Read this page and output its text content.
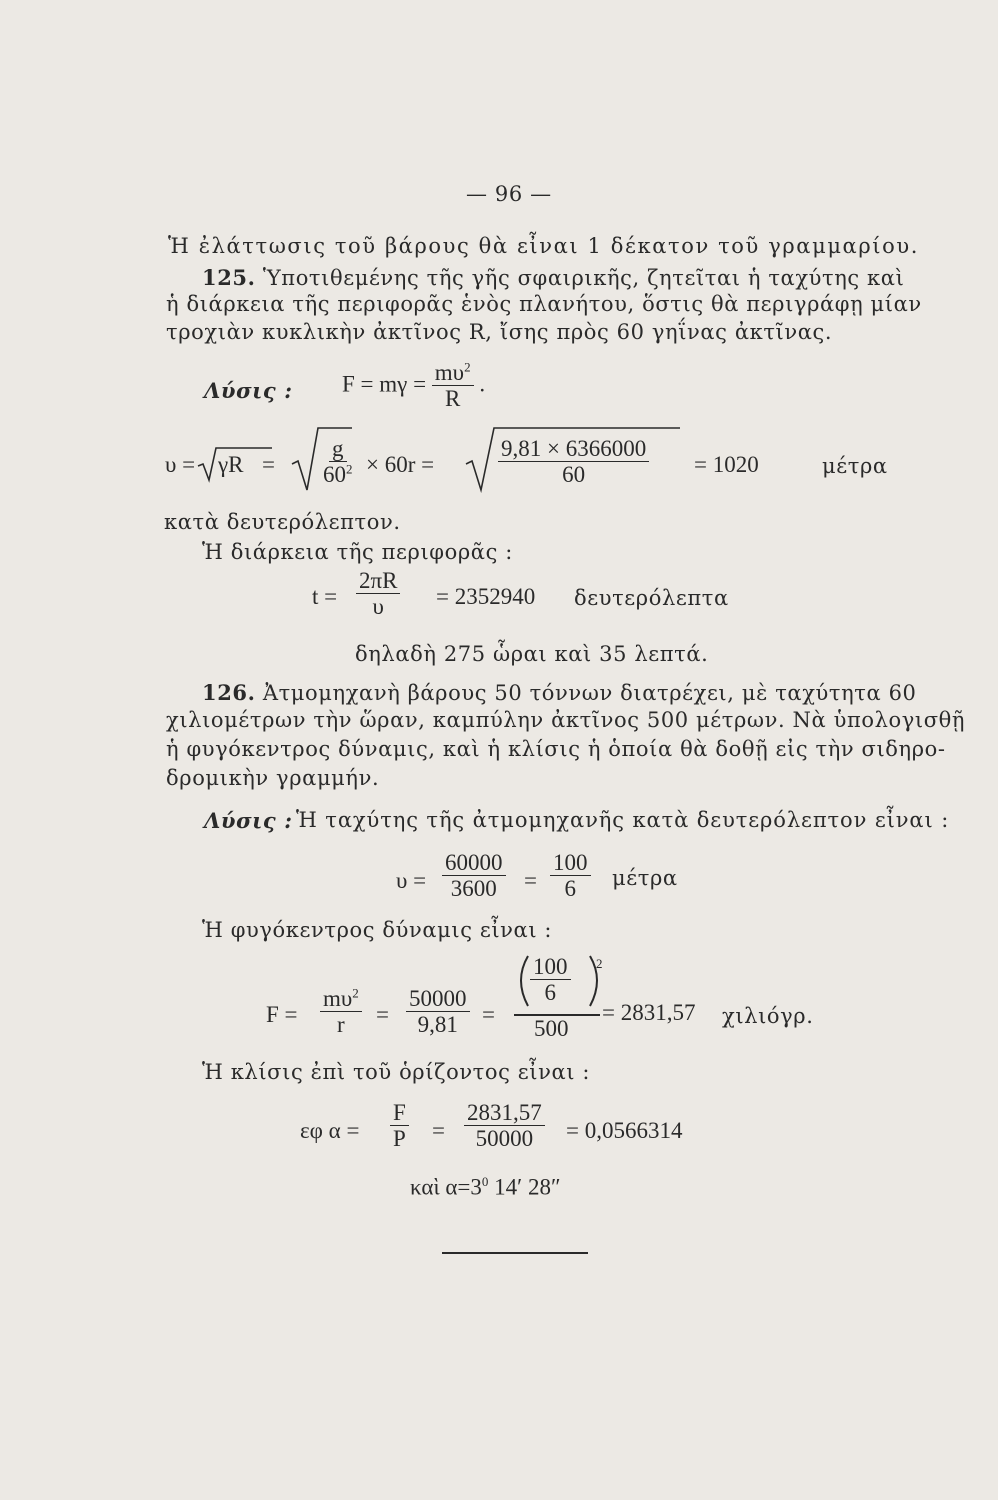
— 96 —
Ἡ ἐλάττωσις τοῦ βάρους θὰ εἶναι 1 δέκατον τοῦ γραμμαρίου.
125. Ὑποτιθεμένης τῆς γῆς σφαιρικῆς, ζητεῖται ἡ ταχύτης καὶ
ἡ διάρκεια τῆς περιφορᾶς ἑνὸς πλανήτου, ὅστις θὰ περιγράφῃ μίαν
τροχιὰν κυκλικὴν ἀκτῖνος R, ἴσης πρὸς 60 γηΐνας ἀκτῖνας.
Λύσις : $F = m\gamma = \frac{m\upsilon^2}{R}$ .
$\upsilon = \gamma R = \frac{g}{60^2} \times 60r$ =	$\frac{9,81 \times 6366000}{60} = 1020$	μέτρα
κατὰ δευτερόλεπτον.
Ἡ διάρκεια τῆς περιφορᾶς :
$t = \frac{2\pi R}{\upsilon} = 2352940$ δευτερόλεπτα
δηλαδὴ 275 ὧραι καὶ 35 λεπτά.
126. Ἀτμομηχανὴ βάρους 50 τόννων διατρέχει, μὲ ταχύτητα 60
χιλιομέτρων τὴν ὥραν, καμπύλην ἀκτῖνος 500 μέτρων. Νὰ ὑπολογισθῇ
ἡ φυγόκεντρος δύναμις, καὶ ἡ κλίσις ἡ ὁποία θὰ δοθῇ εἰς τὴν σιδηρο-
δρομικὴν γραμμήν.
Λύσις : Ἡ ταχύτης τῆς ἀτμομηχανῆς κατὰ δευτερόλεπτον εἶναι :
$\upsilon = \frac{60000}{3600} = \frac{100}{6}$ μέτρα
Ἡ φυγόκεντρος δύναμις εἶναι :
$F = \frac{m\upsilon^2}{r} = \frac{50000}{9,81}$ =
$\frac{100}{6} 2$
500
= 2831,57 χιλιόγρ.
Ἡ κλίσις ἐπὶ τοῦ ὁρίζοντος εἶναι :
εφ $\alpha = \frac{F}{P} = \frac{2831,57}{50000} = 0,0566314$
καὶ $\alpha=3^0$ 14′ 28″
